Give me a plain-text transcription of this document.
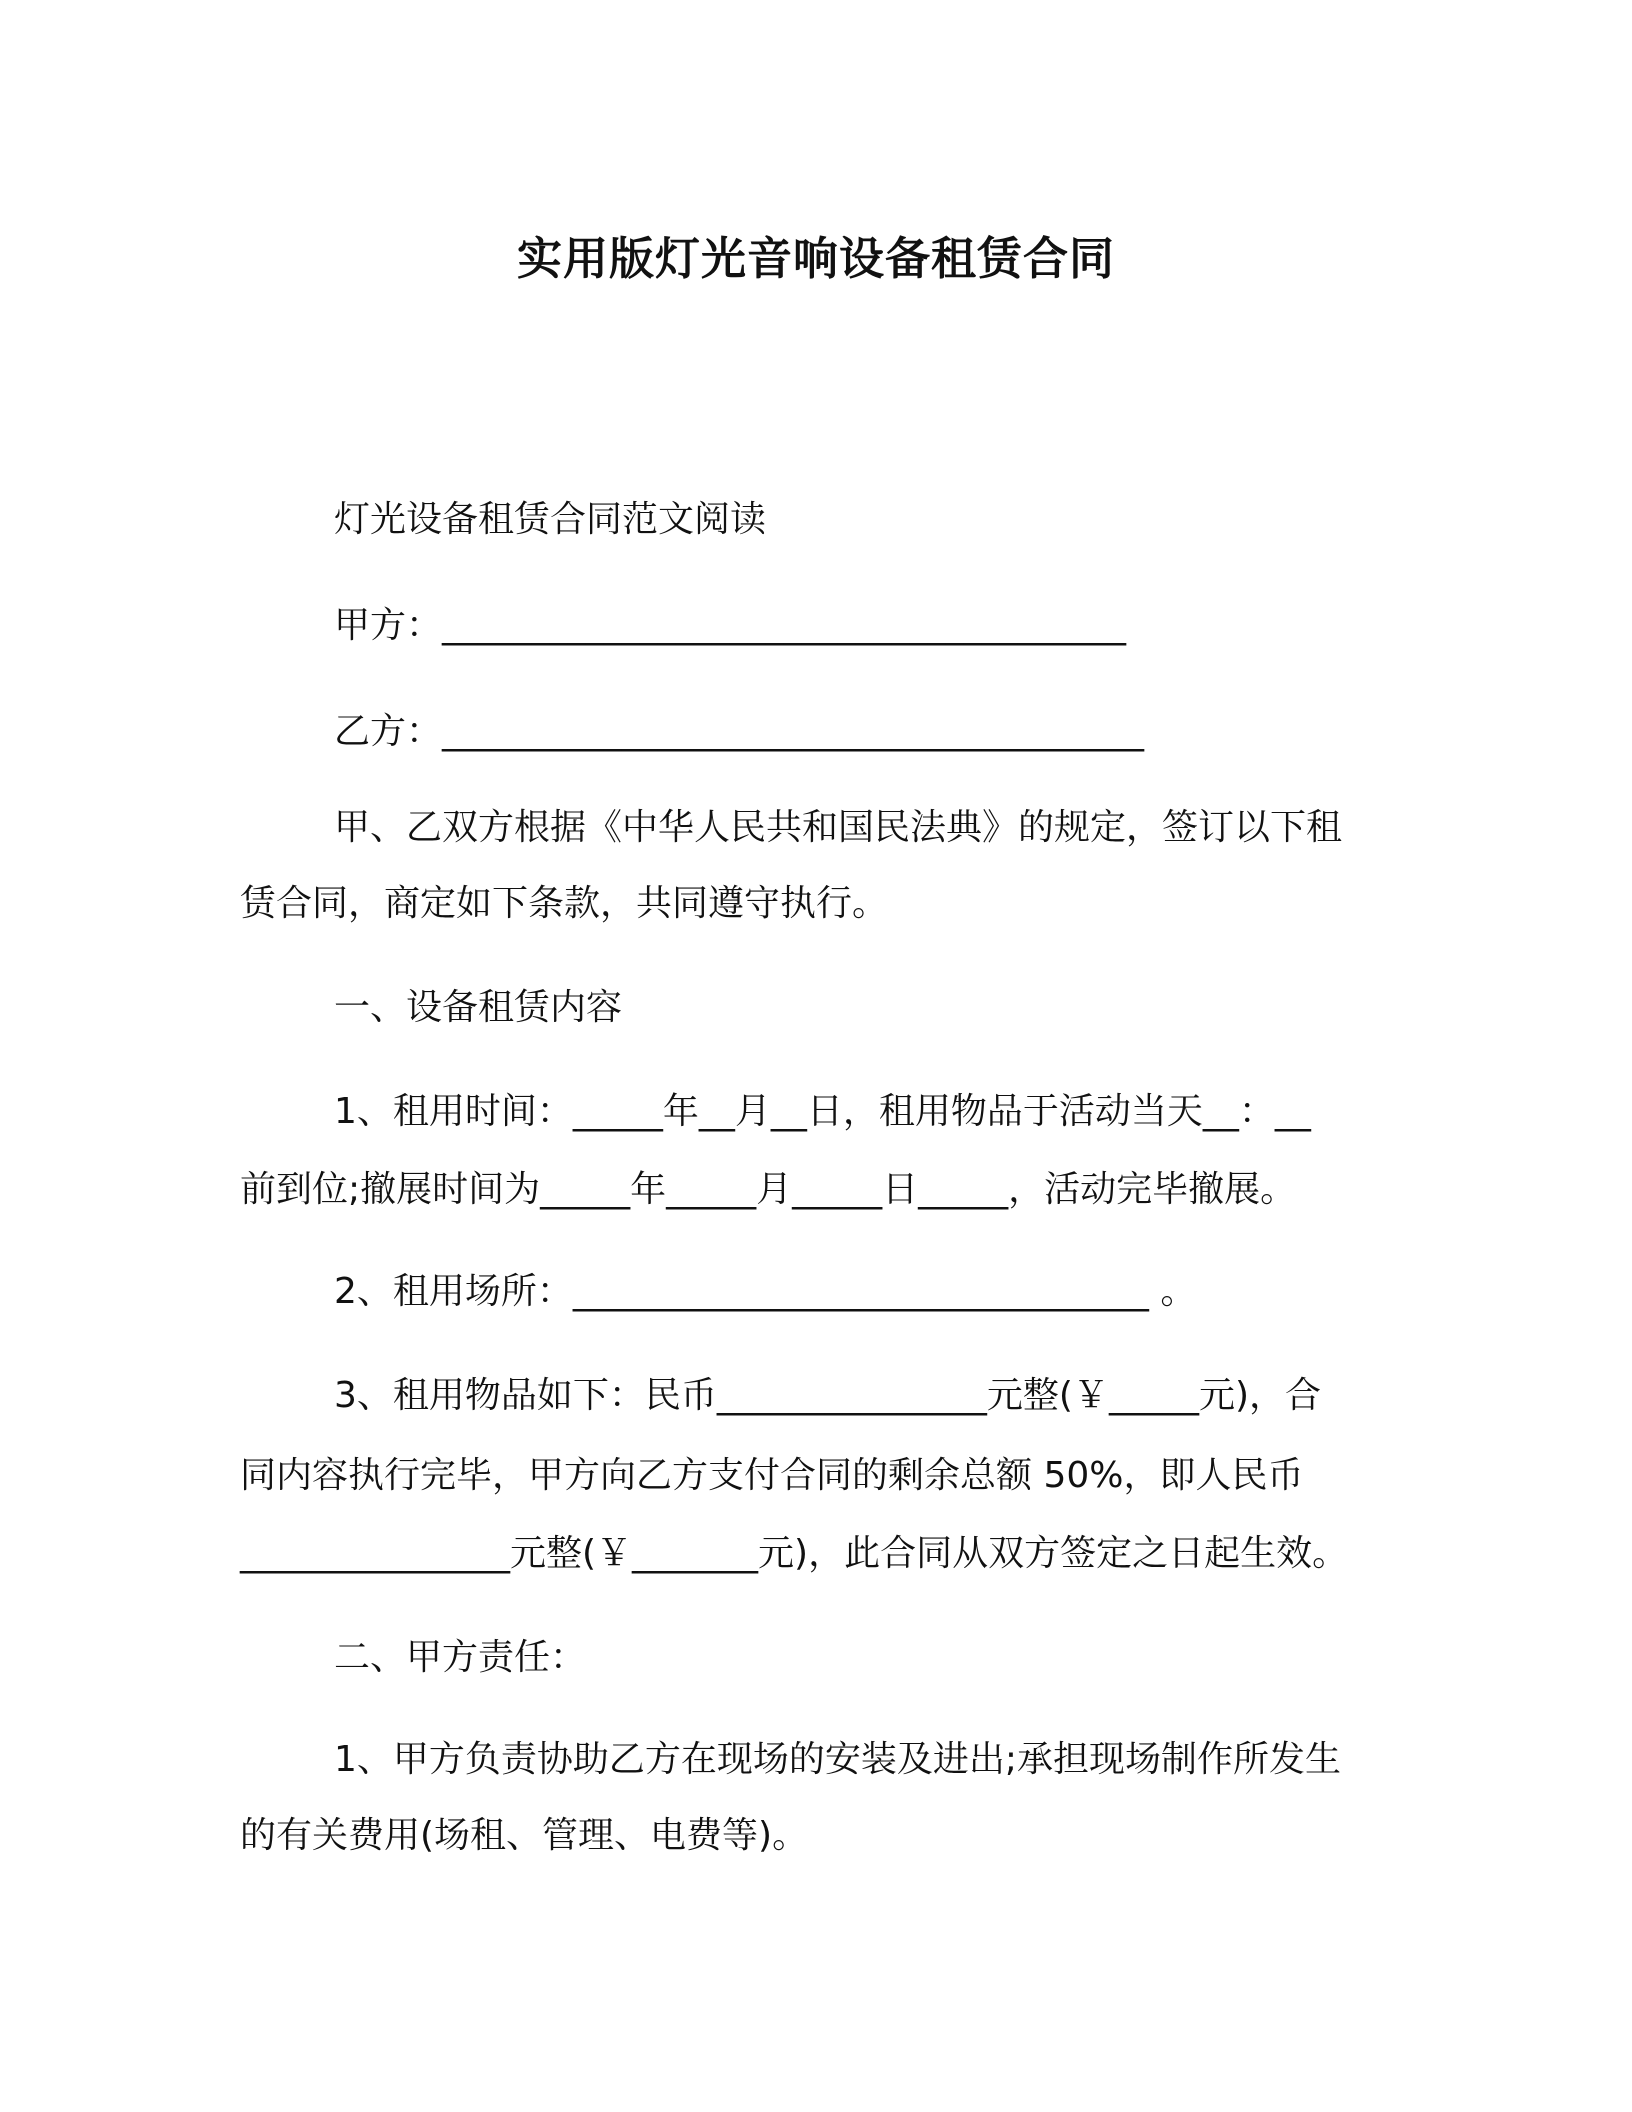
实用版灯光音响设备租赁合同
灯光设备租赁合同范文阅读
甲方：______________________________________
乙方：_______________________________________
甲、乙双方根据《中华人民共和国民法典》的规定，签订以下租
赁合同，商定如下条款，共同遵守执行。
一、设备租赁内容
1、租用时间：_____年__月__日，租用物品于活动当天__：__
前到位;撤展时间为_____年_____月_____日_____，活动完毕撤展。
2、租用场所：________________________________ 。
3、租用物品如下：民币_______________元整(￥_____元)，合
同内容执行完毕，甲方向乙方支付合同的剩余总额 50%，即人民币
_______________元整(￥_______元)，此合同从双方签定之日起生效。
二、甲方责任：
1、甲方负责协助乙方在现场的安装及进出;承担现场制作所发生
的有关费用(场租、管理、电费等)。
